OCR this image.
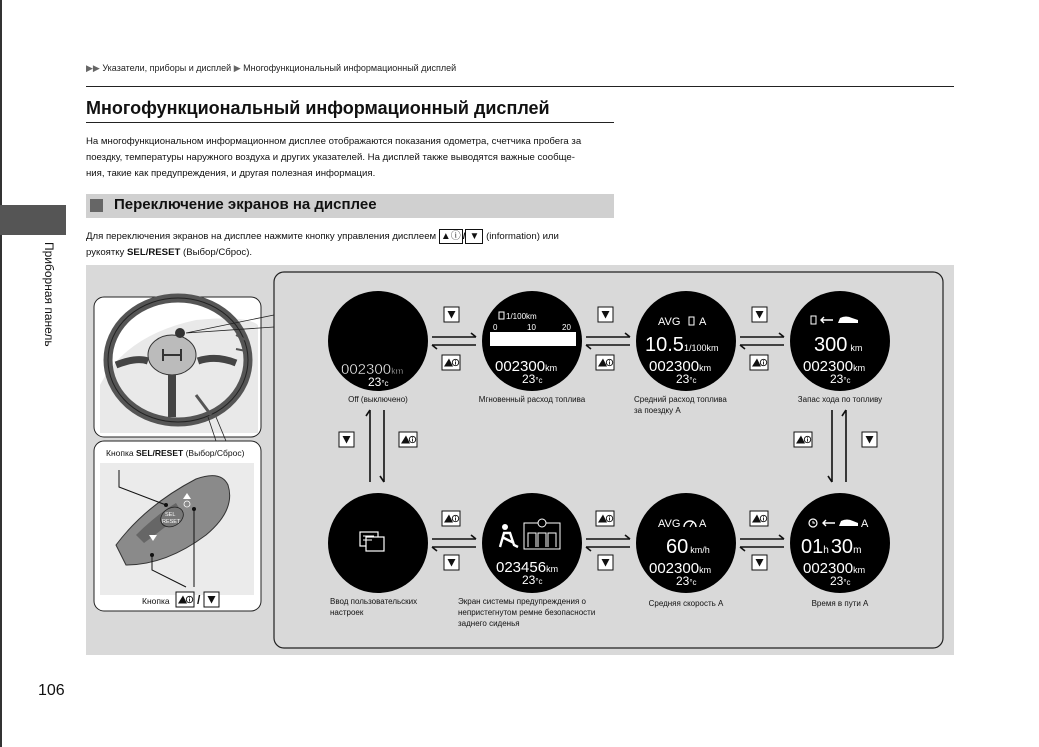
Приборная панель
106
▶▶ Указатели, приборы и дисплей ▶ Многофункциональный информационный дисплей
Многофункциональный информационный дисплей
На многофункциональном информационном дисплее отображаются показания одометра, счетчика пробега за
поездку, температуры наружного воздуха и других указателей. На дисплей также выводятся важные сообще-
ния, такие как предупреждения, и другая полезная информация.
Переключение экранов на дисплее
Для переключения экранов на дисплее нажмите кнопку управления дисплеем ▲ⓘ / ▼ (information) или
рукоятку SEL/RESET (Выбор/Сброс).
Кнопка SEL/RESET (Выбор/Сброс)
SEL
RESET
Кнопка /
002300km
23°c
Off (выключено)
1/100km
0	10	20
002300km
23°c
Мгновенный расход топлива
AVG A
10.51/100km
002300km
23°c
Средний расход топлива за поездку A
300 km
002300km
23°c
Запас хода по топливу
Ввод пользовательских настроек
023456km
23°c
Экран системы предупреждения о непристегнутом ремне безопасности заднего сиденья
AVG A
60 km/h
002300km
23°c
Средняя скорость A
A
01h 30m
002300km
23°c
Время в пути A
